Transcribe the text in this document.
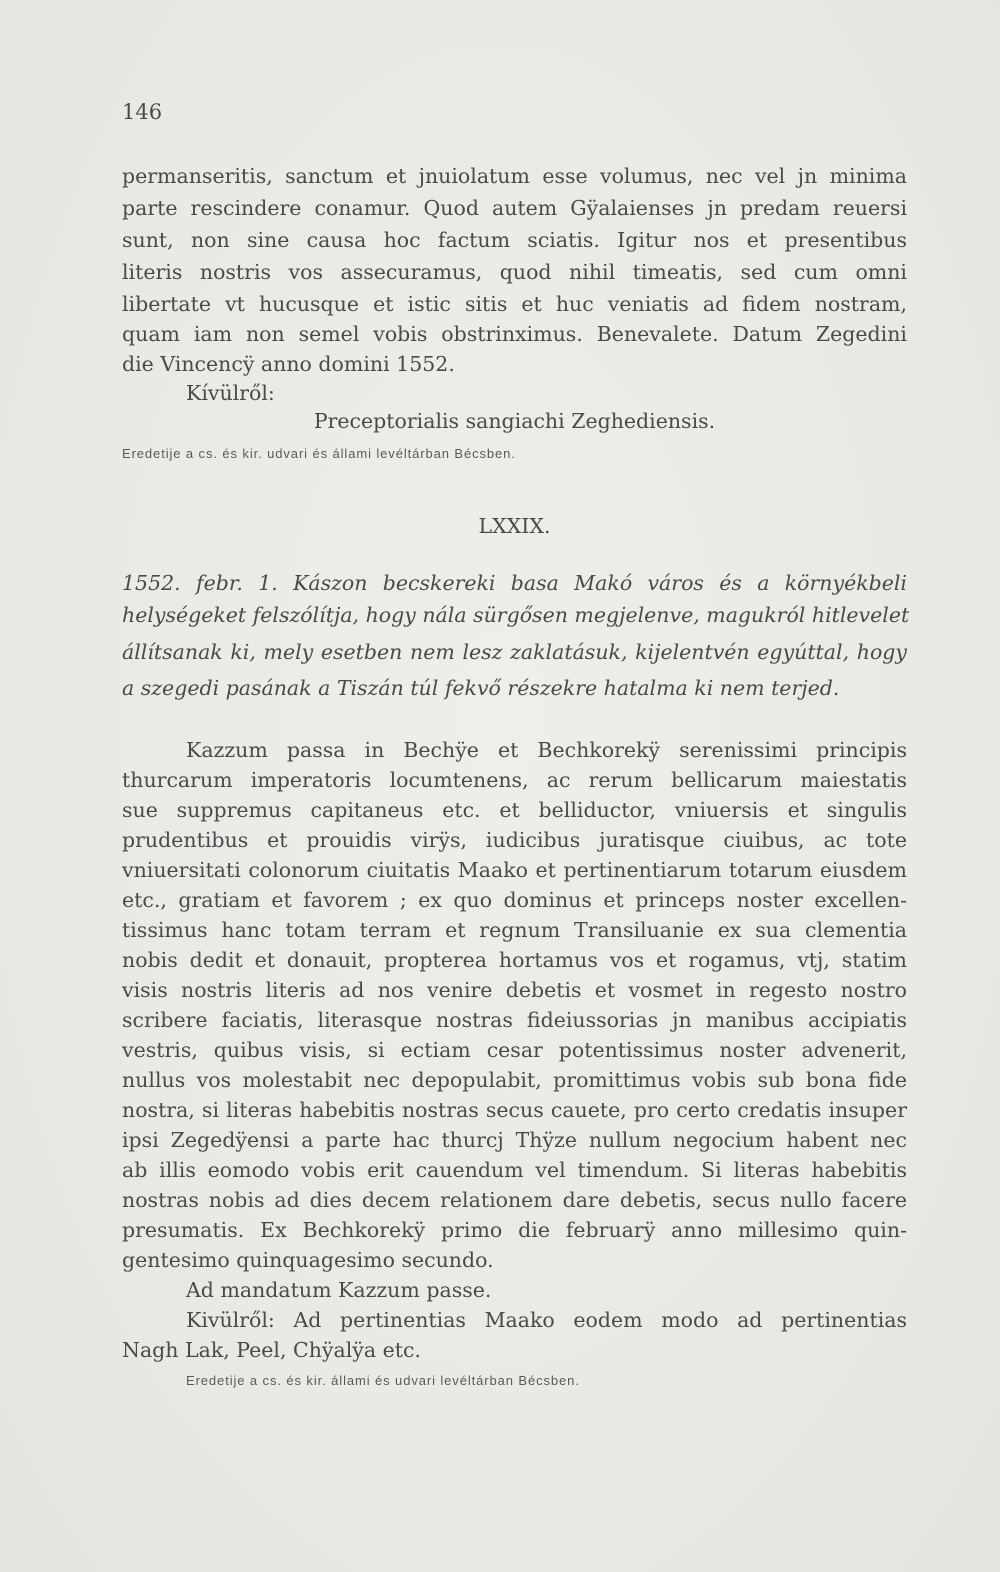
146
permanseritis, sanctum et jnuiolatum esse volumus, nec vel jn minima
parte rescindere conamur. Quod autem Gÿalaienses jn predam reuersi
sunt, non sine causa hoc factum sciatis. Igitur nos et presentibus
literis nostris vos assecuramus, quod nihil timeatis, sed cum omni
libertate vt hucusque et istic sitis et huc veniatis ad fidem nostram,
quam iam non semel vobis obstrinximus. Benevalete. Datum Zegedini
die Vincencÿ anno domini 1552.
Kívülről:
Preceptorialis sangiachi Zeghediensis.
Eredetije a cs. és kir. udvari és állami levéltárban Bécsben.
LXXIX.
1552. febr. 1. Kászon becskereki basa Makó város és a környékbeli
helységeket felszólítja, hogy nála sürgősen megjelenve, magukról hitlevelet
állítsanak ki, mely esetben nem lesz zaklatásuk, kijelentvén egyúttal, hogy
a szegedi pasának a Tiszán túl fekvő részekre hatalma ki nem terjed.
Kazzum passa in Bechÿe et Bechkorekÿ serenissimi principis
thurcarum imperatoris locumtenens, ac rerum bellicarum maiestatis
sue suppremus capitaneus etc. et belliductor, vniuersis et singulis
prudentibus et prouidis virÿs, iudicibus juratisque ciuibus, ac tote
vniuersitati colonorum ciuitatis Maako et pertinentiarum totarum eiusdem
etc., gratiam et favorem ; ex quo dominus et princeps noster excellen-
tissimus hanc totam terram et regnum Transiluanie ex sua clementia
nobis dedit et donauit, propterea hortamus vos et rogamus, vtj, statim
visis nostris literis ad nos venire debetis et vosmet in regesto nostro
scribere faciatis, literasque nostras fideiussorias jn manibus accipiatis
vestris, quibus visis, si ectiam cesar potentissimus noster advenerit,
nullus vos molestabit nec depopulabit, promittimus vobis sub bona fide
nostra, si literas habebitis nostras secus cauete, pro certo credatis insuper
ipsi Zegedÿensi a parte hac thurcj Thÿze nullum negocium habent nec
ab illis eomodo vobis erit cauendum vel timendum. Si literas habebitis
nostras nobis ad dies decem relationem dare debetis, secus nullo facere
presumatis. Ex Bechkorekÿ primo die februarÿ anno millesimo quin-
gentesimo quinquagesimo secundo.
Ad mandatum Kazzum passe.
Kivülről: Ad pertinentias Maako eodem modo ad pertinentias
Nagh Lak, Peel, Chÿalÿa etc.
Eredetije a cs. és kir. állami és udvari levéltárban Bécsben.
